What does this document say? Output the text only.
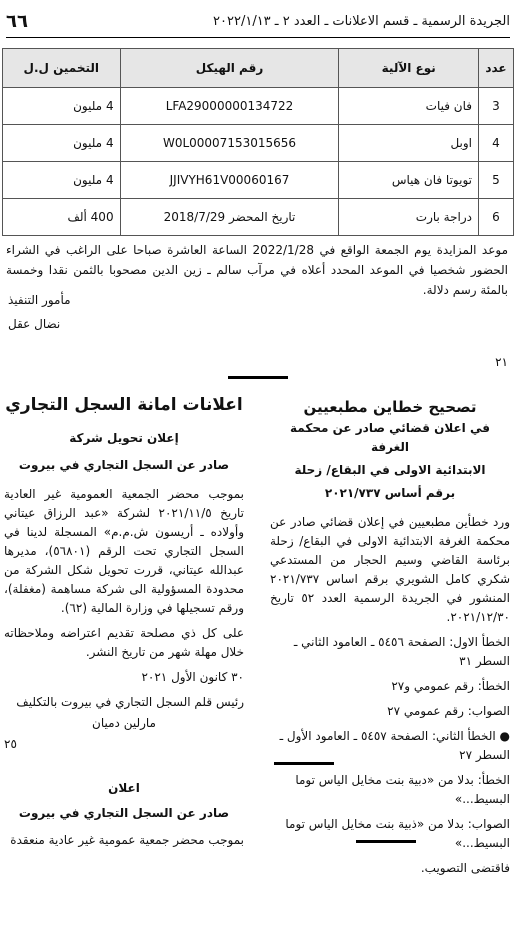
الجريدة الرسمية ـ قسم الاعلانات ـ العدد ٢ ـ ٢٠٢٢/١/١٣
٦٦
عدد	نوع الآلية	رقم الهيكل	التخمين ل.ل
3	فان فيات	LFA29000000134722	4 مليون
4	اوبل	W0L00007153015656	4 مليون
5	تويوتا فان هياس	JJIVYH61V00060167	4 مليون
6	دراجة بارت	تاريخ المحضر 2018/7/29	400 ألف
موعد المزايدة يوم الجمعة الواقع في 2022/1/28 الساعة العاشرة صباحا على الراغب في الشراء الحضور شخصيا في الموعد المحدد أعلاه في مرآب سالم ـ زين الدين مصحوبا بالثمن نقدا وخمسة بالمئة رسم دلالة.
مأمور التنفيذ
نضال عقل
٢١
تصحيح خطاين مطبعيين
في اعلان قضائي صادر عن محكمة الغرفة
الابتدائية الاولى في البقاع/ زحلة
برقم أساس ٢٠٢١/٧٣٧
ورد خطأين مطبعيين في إعلان قضائي صادر عن محكمة الغرفة الابتدائية الاولى في البقاع/ زحلة برئاسة القاضي وسيم الحجار من المستدعي شكري كامل الشويري برقم اساس ٢٠٢١/٧٣٧ المنشور في الجريدة الرسمية العدد ٥٢ تاريخ ٢٠٢١/١٢/٣٠.
الخطأ الاول: الصفحة ٥٤٥٦ ـ العامود الثاني ـ السطر ٣١
الخطأ: رقم عمومي و٢٧
الصواب: رقم عمومي ٢٧
● الخطأ الثاني: الصفحة ٥٤٥٧ ـ العامود الأول ـ السطر ٢٧
الخطأ: بدلا من «دبية بنت مخايل الياس توما البسيط...»
الصواب: بدلا من «ذبية بنت مخايل الياس توما البسيط...»
فاقتضى التصويب.
اعلانات امانة السجل التجاري
إعلان تحويل شركة
صادر عن السجل التجاري في بيروت
بموجب محضر الجمعية العمومية غير العادية تاريخ ٢٠٢١/١١/٥ لشركة «عبد الرزاق عيتاني وأولاده ـ أريسون ش.م.م» المسجلة لدينا في السجل التجاري تحت الرقم (٥٦٨٠١)، مديرها عبدالله عيتاني، قررت تحويل شكل الشركة من محدودة المسؤولية الى شركة مساهمة (مغفلة)، ورقم تسجيلها في وزارة المالية (٦٢).
على كل ذي مصلحة تقديم اعتراضه وملاحظاته خلال مهلة شهر من تاريخ النشر.
٣٠ كانون الأول ٢٠٢١
رئيس قلم السجل التجاري في بيروت بالتكليف
مارلين دميان
٢٥
اعلان
صادر عن السجل التجاري في بيروت
بموجب محضر جمعية عمومية غير عادية منعقدة
